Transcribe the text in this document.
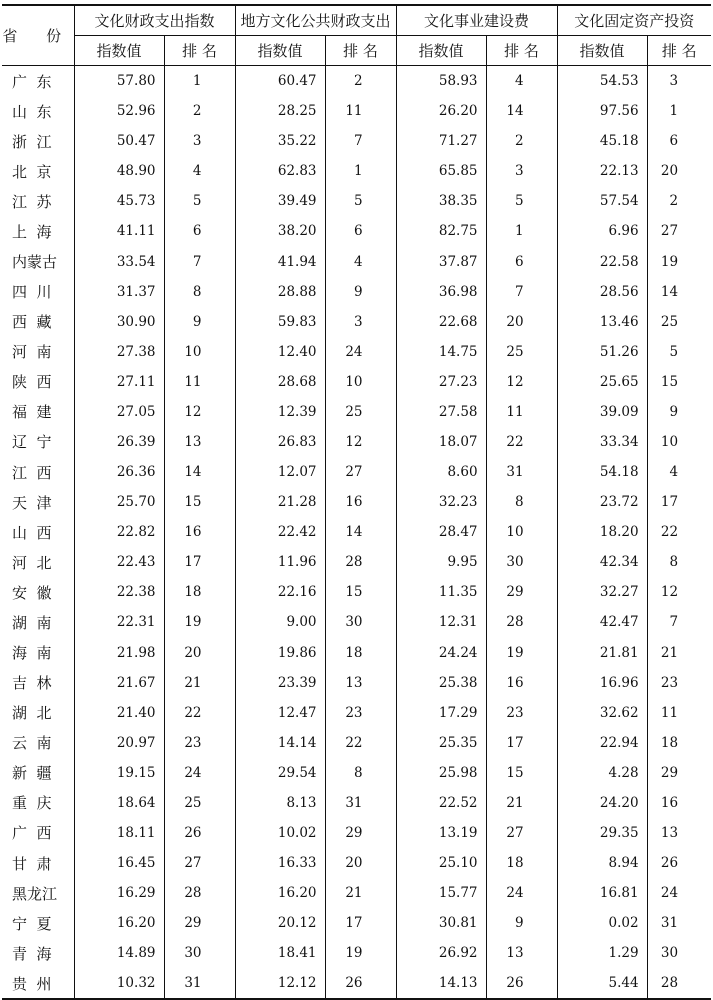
省 份	文化财政支出指数		地方文化公共财政支出		文化事业建设费		文化固定资产投资	
	指数值	排 名	指数值	排 名	指数值	排 名	指数值	排 名
广  东	57.80	1	60.47	2	58.93	4	54.53	3
山  东	52.96	2	28.25	11	26.20	14	97.56	1
浙  江	50.47	3	35.22	7	71.27	2	45.18	6
北  京	48.90	4	62.83	1	65.85	3	22.13	20
江  苏	45.73	5	39.49	5	38.35	5	57.54	2
上  海	41.11	6	38.20	6	82.75	1	6.96	27
内蒙古	33.54	7	41.94	4	37.87	6	22.58	19
四  川	31.37	8	28.88	9	36.98	7	28.56	14
西  藏	30.90	9	59.83	3	22.68	20	13.46	25
河  南	27.38	10	12.40	24	14.75	25	51.26	5
陕  西	27.11	11	28.68	10	27.23	12	25.65	15
福  建	27.05	12	12.39	25	27.58	11	39.09	9
辽  宁	26.39	13	26.83	12	18.07	22	33.34	10
江  西	26.36	14	12.07	27	8.60	31	54.18	4
天  津	25.70	15	21.28	16	32.23	8	23.72	17
山  西	22.82	16	22.42	14	28.47	10	18.20	22
河  北	22.43	17	11.96	28	9.95	30	42.34	8
安  徽	22.38	18	22.16	15	11.35	29	32.27	12
湖  南	22.31	19	9.00	30	12.31	28	42.47	7
海  南	21.98	20	19.86	18	24.24	19	21.81	21
吉  林	21.67	21	23.39	13	25.38	16	16.96	23
湖  北	21.40	22	12.47	23	17.29	23	32.62	11
云  南	20.97	23	14.14	22	25.35	17	22.94	18
新  疆	19.15	24	29.54	8	25.98	15	4.28	29
重  庆	18.64	25	8.13	31	22.52	21	24.20	16
广  西	18.11	26	10.02	29	13.19	27	29.35	13
甘  肃	16.45	27	16.33	20	25.10	18	8.94	26
黑龙江	16.29	28	16.20	21	15.77	24	16.81	24
宁  夏	16.20	29	20.12	17	30.81	9	0.02	31
青  海	14.89	30	18.41	19	26.92	13	1.29	30
贵  州	10.32	31	12.12	26	14.13	26	5.44	28
